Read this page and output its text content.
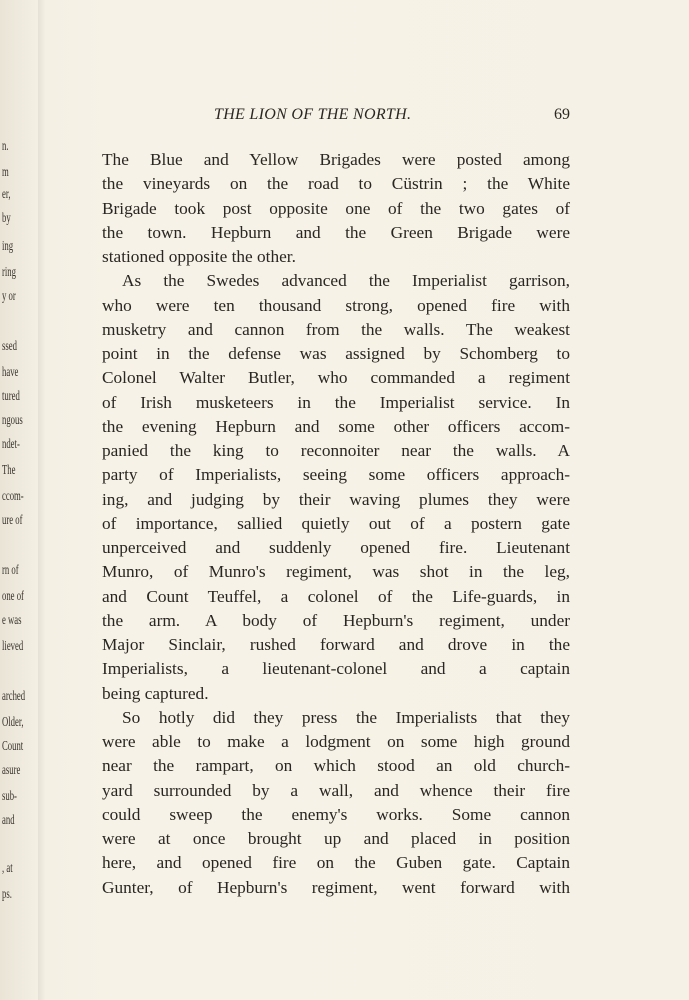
n.
m
er,
by
ing
ring
y or
ssed
have
tured
ngous
ndet-
The
ccom-
ure of
rn of
one of
e was
lieved
arched
Older,
Count
asure
sub-
and
, at
ps.
THE LION OF THE NORTH.	69
The Blue and Yellow Brigades were posted among
the vineyards on the road to Cüstrin ; the White
Brigade took post opposite one of the two gates of
the town. Hepburn and the Green Brigade were
stationed opposite the other.
As the Swedes advanced the Imperialist garrison,
who were ten thousand strong, opened fire with
musketry and cannon from the walls. The weakest
point in the defense was assigned by Schomberg to
Colonel Walter Butler, who commanded a regiment
of Irish musketeers in the Imperialist service. In
the evening Hepburn and some other officers accom-
panied the king to reconnoiter near the walls. A
party of Imperialists, seeing some officers approach-
ing, and judging by their waving plumes they were
of importance, sallied quietly out of a postern gate
unperceived and suddenly opened fire. Lieutenant
Munro, of Munro's regiment, was shot in the leg,
and Count Teuffel, a colonel of the Life-guards, in
the arm. A body of Hepburn's regiment, under
Major Sinclair, rushed forward and drove in the
Imperialists, a lieutenant-colonel and a captain
being captured.
So hotly did they press the Imperialists that they
were able to make a lodgment on some high ground
near the rampart, on which stood an old church-
yard surrounded by a wall, and whence their fire
could sweep the enemy's works. Some cannon
were at once brought up and placed in position
here, and opened fire on the Guben gate. Captain
Gunter, of Hepburn's regiment, went forward with
